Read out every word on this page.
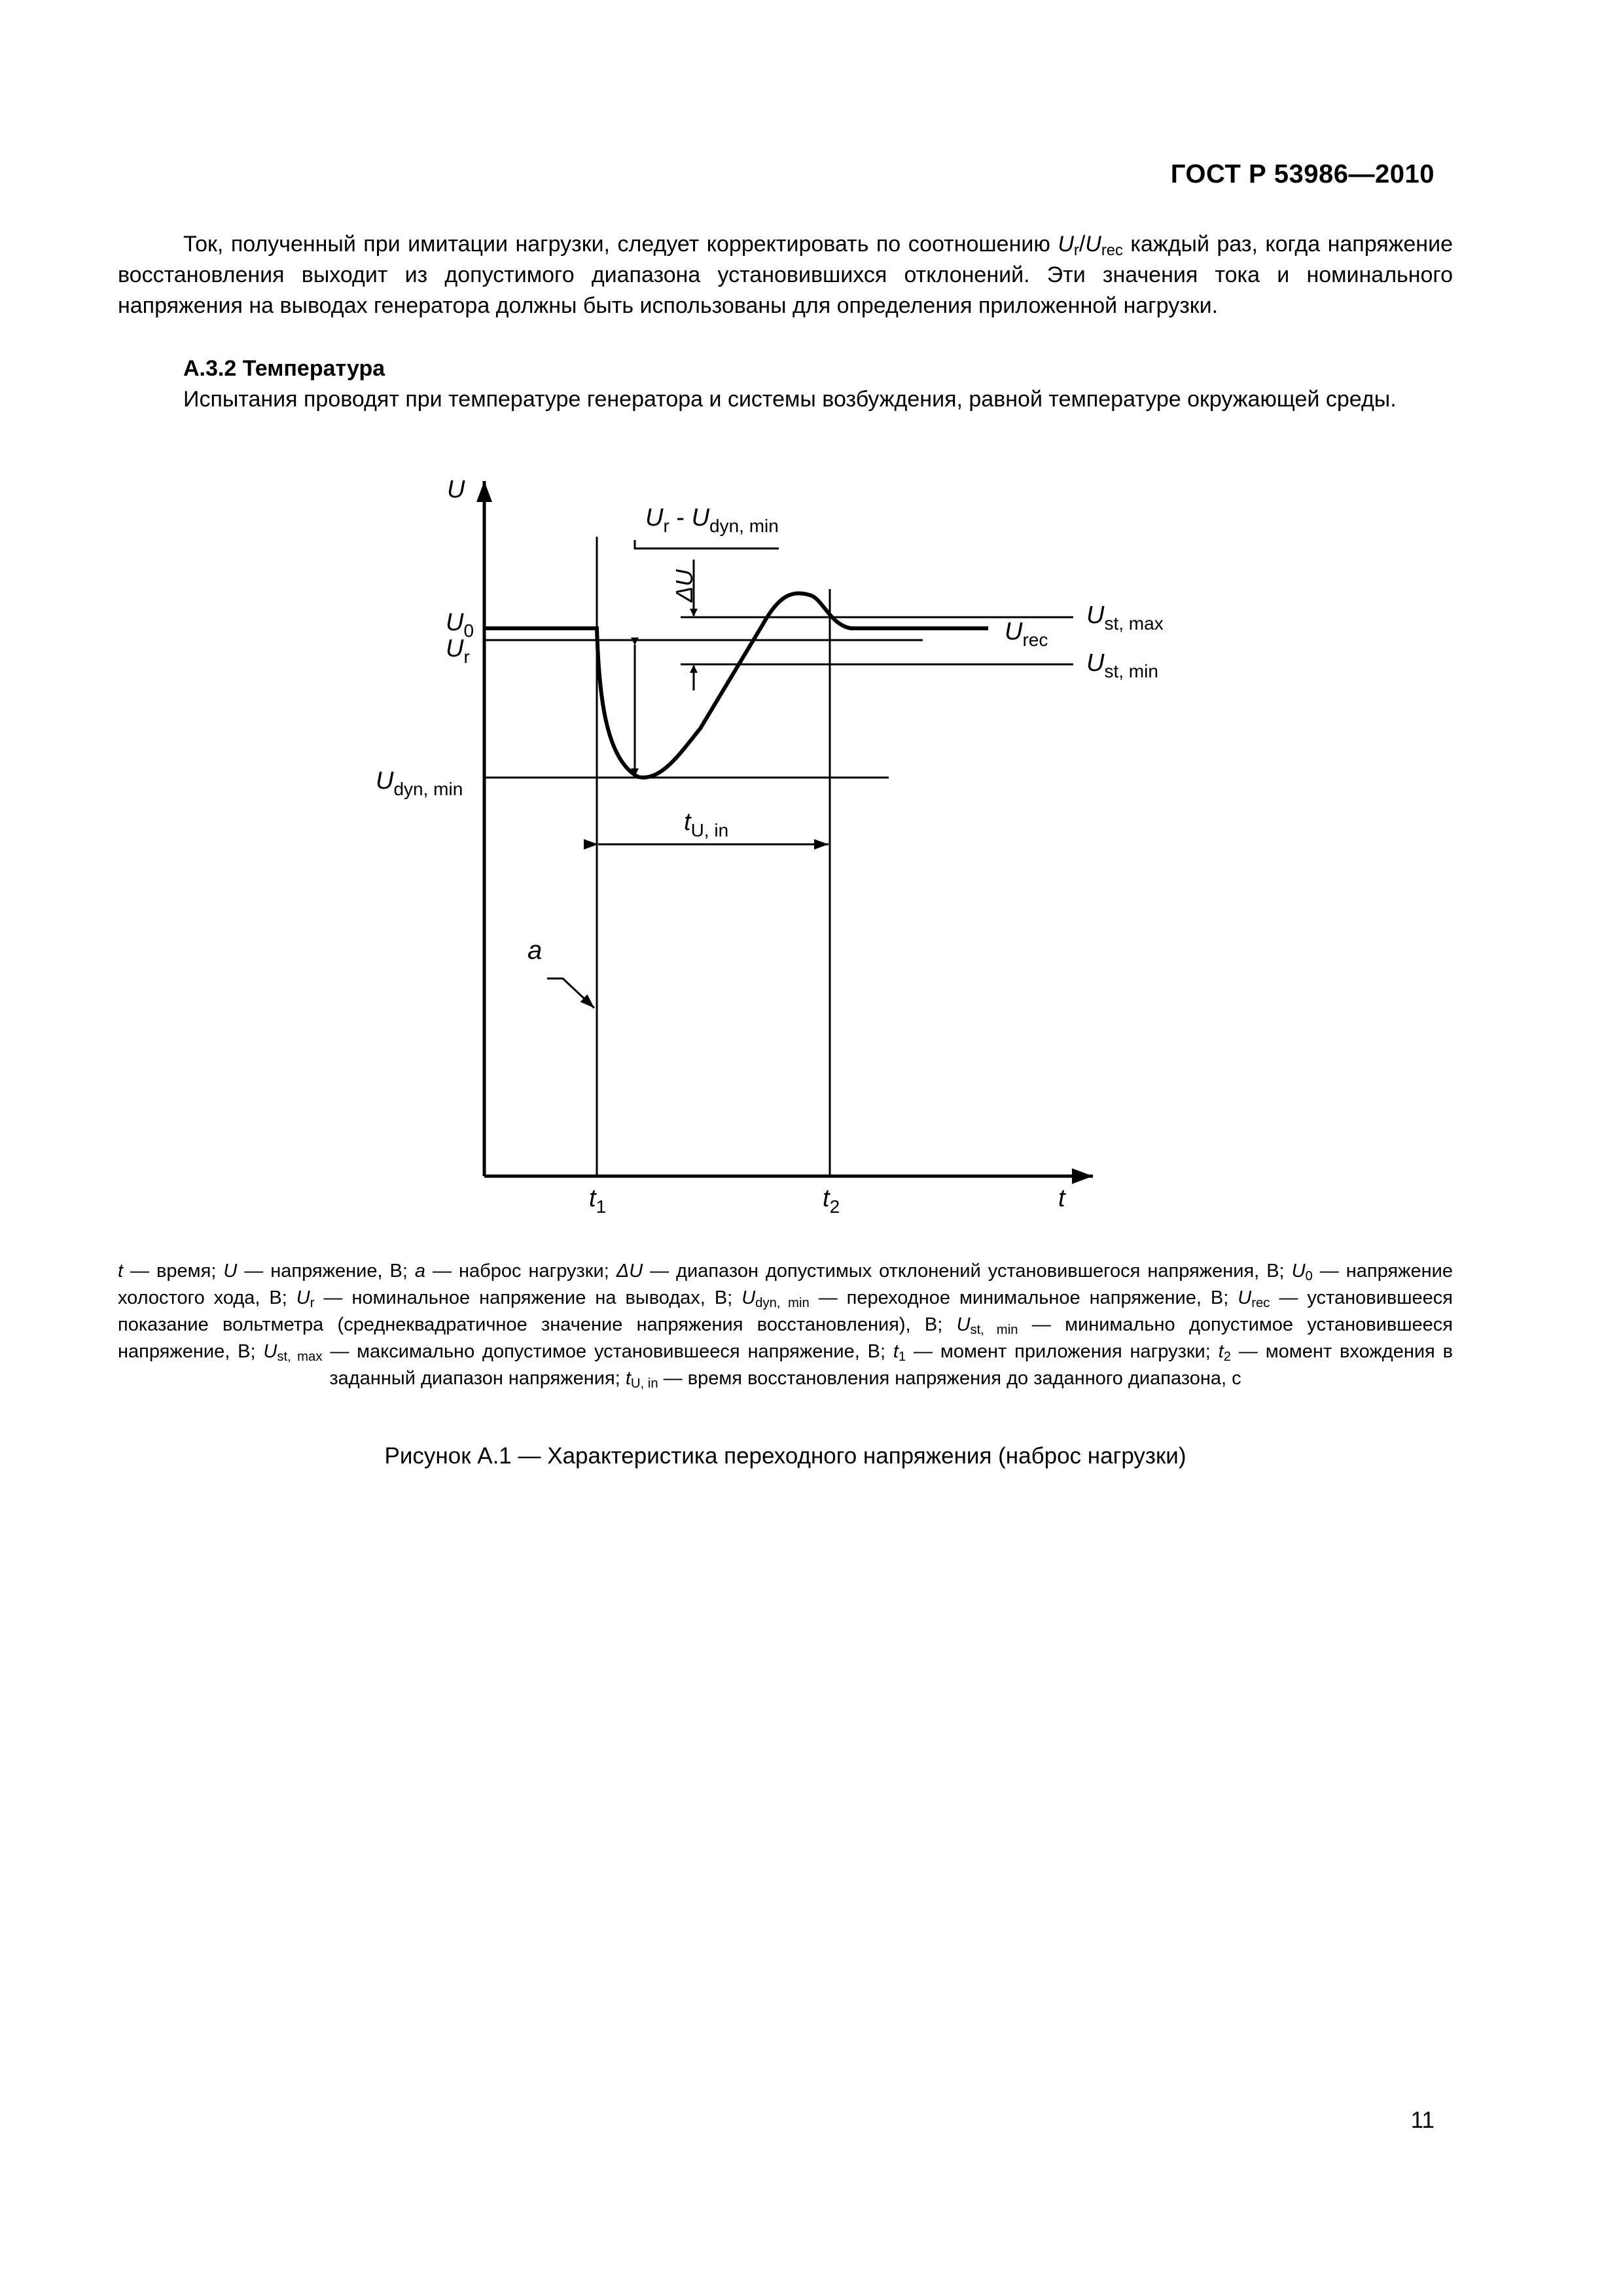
ГОСТ Р 53986—2010
Ток, полученный при имитации нагрузки, следует корректировать по соотношению $U_r/U_{rec}$ каждый раз, когда напряжение восстановления выходит из допустимого диапазона установившихся отклонений. Эти значения тока и номинального напряжения на выводах генератора должны быть использованы для определения приложенной нагрузки.
А.3.2 Температура
Испытания проводят при температуре генератора и системы возбуждения, равной температуре окружающей среды.
U
t
$U_0$
$U_r$
$U_{dyn, min}$
$U_r - U_{dyn, min}$
ΔU
$U_{st, max}$
$U_{rec}$
$U_{st, min}$
$t_{U, in}$
a
$t_1$	$t_2$
t — время; U — напряжение, В; a — наброс нагрузки; ΔU — диапазон допустимых отклонений установившегося напряжения, В; $U_0$ — напряжение холостого хода, В; $U_r$ — номинальное напряжение на выводах, В; $U_{dyn, min}$ — переходное минимальное напряжение, В; $U_{rec}$ — установившееся показание вольтметра (среднеквадратичное значение напряжения восстановления), В; $U_{st, min}$ — минимально допустимое установившееся напряжение, В; $U_{st, max}$ — максимально допустимое установившееся напряжение, В; $t_1$ — момент приложения нагрузки; $t_2$ — момент вхождения в заданный диапазон напряжения; $t_{U, in}$ — время восстановления напряжения до заданного диапазона, с
Рисунок А.1 — Характеристика переходного напряжения (наброс нагрузки)
11
